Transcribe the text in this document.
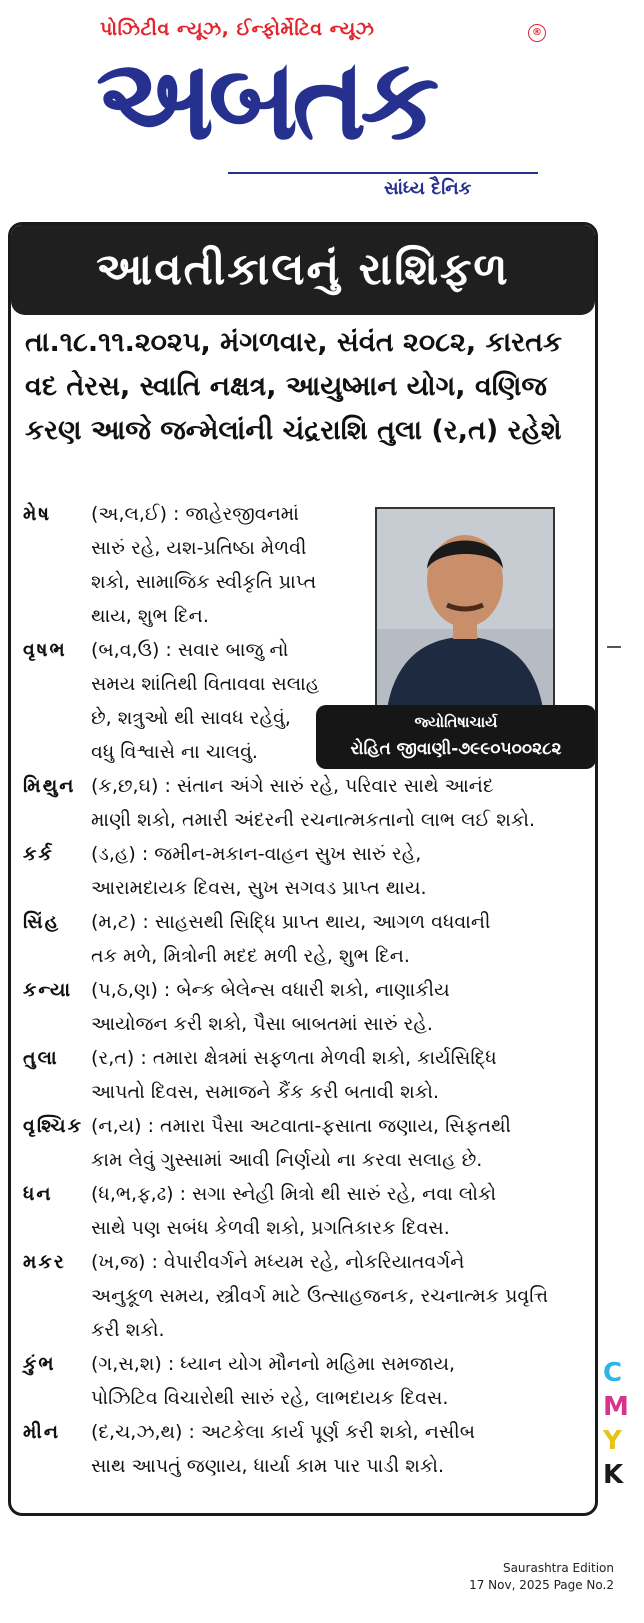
પોઝિટીવ ન્યૂઝ, ઈન્ફોર્મેટિવ ન્યૂઝ	®
અબતક
સાંધ્ય દૈનિક
આવતીકાલનું રાશિફળ
તા.૧૮.૧૧.૨૦૨૫, મંગળવાર, સંવંત ૨૦૮૨, કારતક
વદ તેરસ, સ્વાતિ નક્ષત્ર, આયુષ્માન યોગ, વણિજ
કરણ આજે જન્મેલાંની ચંદ્રરાશિ તુલા (ર,ત) રહેશે
જ્યોતિષાચાર્ય
રોહિત જીવાણી-૭૯૯૦૫૦૦૨૮૨
મેષ	(અ,લ,ઈ) : જાહેરજીવનમાં
સારું રહે, યશ-પ્રતિષ્ઠા મેળવી
શકો, સામાજિક સ્વીકૃતિ પ્રાપ્ત
થાય, શુભ દિન.
વૃષભ	(બ,વ,ઉ) : સવાર બાજુ નો
સમય શાંતિથી વિતાવવા સલાહ
છે, શત્રુઓ થી સાવધ રહેવું,
વધુ વિશ્વાસે ના ચાલવું.
મિથુન (ક,છ,ઘ) : સંતાન અંગે સારું રહે, પરિવાર સાથે આનંદ
માણી શકો, તમારી અંદરની રચનાત્મકતાનો લાભ લઈ શકો.
કર્ક	(ડ,હ) : જમીન-મકાન-વાહન સુખ સારું રહે,
આરામદાયક દિવસ, સુખ સગવડ પ્રાપ્ત થાય.
સિંહ	(મ,ટ) : સાહસથી સિદ્ધિ પ્રાપ્ત થાય, આગળ વધવાની
તક મળે, મિત્રોની મદદ મળી રહે, શુભ દિન.
કન્યા (પ,ઠ,ણ) : બેન્ક બેલેન્સ વધારી શકો, નાણાકીય
આયોજન કરી શકો, પૈસા બાબતમાં સારું રહે.
તુલા	(ર,ત) : તમારા ક્ષેત્રમાં સફળતા મેળવી શકો, કાર્યસિદ્ધિ
આપતો દિવસ, સમાજને કૈંક કરી બતાવી શકો.
વૃશ્ચિક (ન,ય) : તમારા પૈસા અટવાતા-ફસાતા જણાય, સિફતથી
કામ લેવું ગુસ્સામાં આવી નિર્ણયો ના કરવા સલાહ છે.
ધન	(ધ,ભ,ફ,ઢ) : સગા સ્નેહી મિત્રો થી સારું રહે, નવા લોકો
સાથે પણ સબંધ કેળવી શકો, પ્રગતિકારક દિવસ.
મકર	(ખ,જ) : વેપારીવર્ગને મધ્યમ રહે, નોકરિયાતવર્ગને
અનુકૂળ સમય, સ્ત્રીવર્ગ માટે ઉત્સાહજનક, રચનાત્મક પ્રવૃત્તિ
કરી શકો.
કુંભ	(ગ,સ,શ) : ધ્યાન યોગ મૌનનો મહિમા સમજાય,
પોઝિટિવ વિચારોથી સારું રહે, લાભદાયક દિવસ.
મીન	(દ,ચ,ઝ,થ) : અટકેલા કાર્ય પૂર્ણ કરી શકો, નસીબ
સાથ આપતું જણાય, ધાર્યા કામ પાર પાડી શકો.
C
M
Y
K
Saurashtra Edition
17 Nov, 2025 Page No.2
